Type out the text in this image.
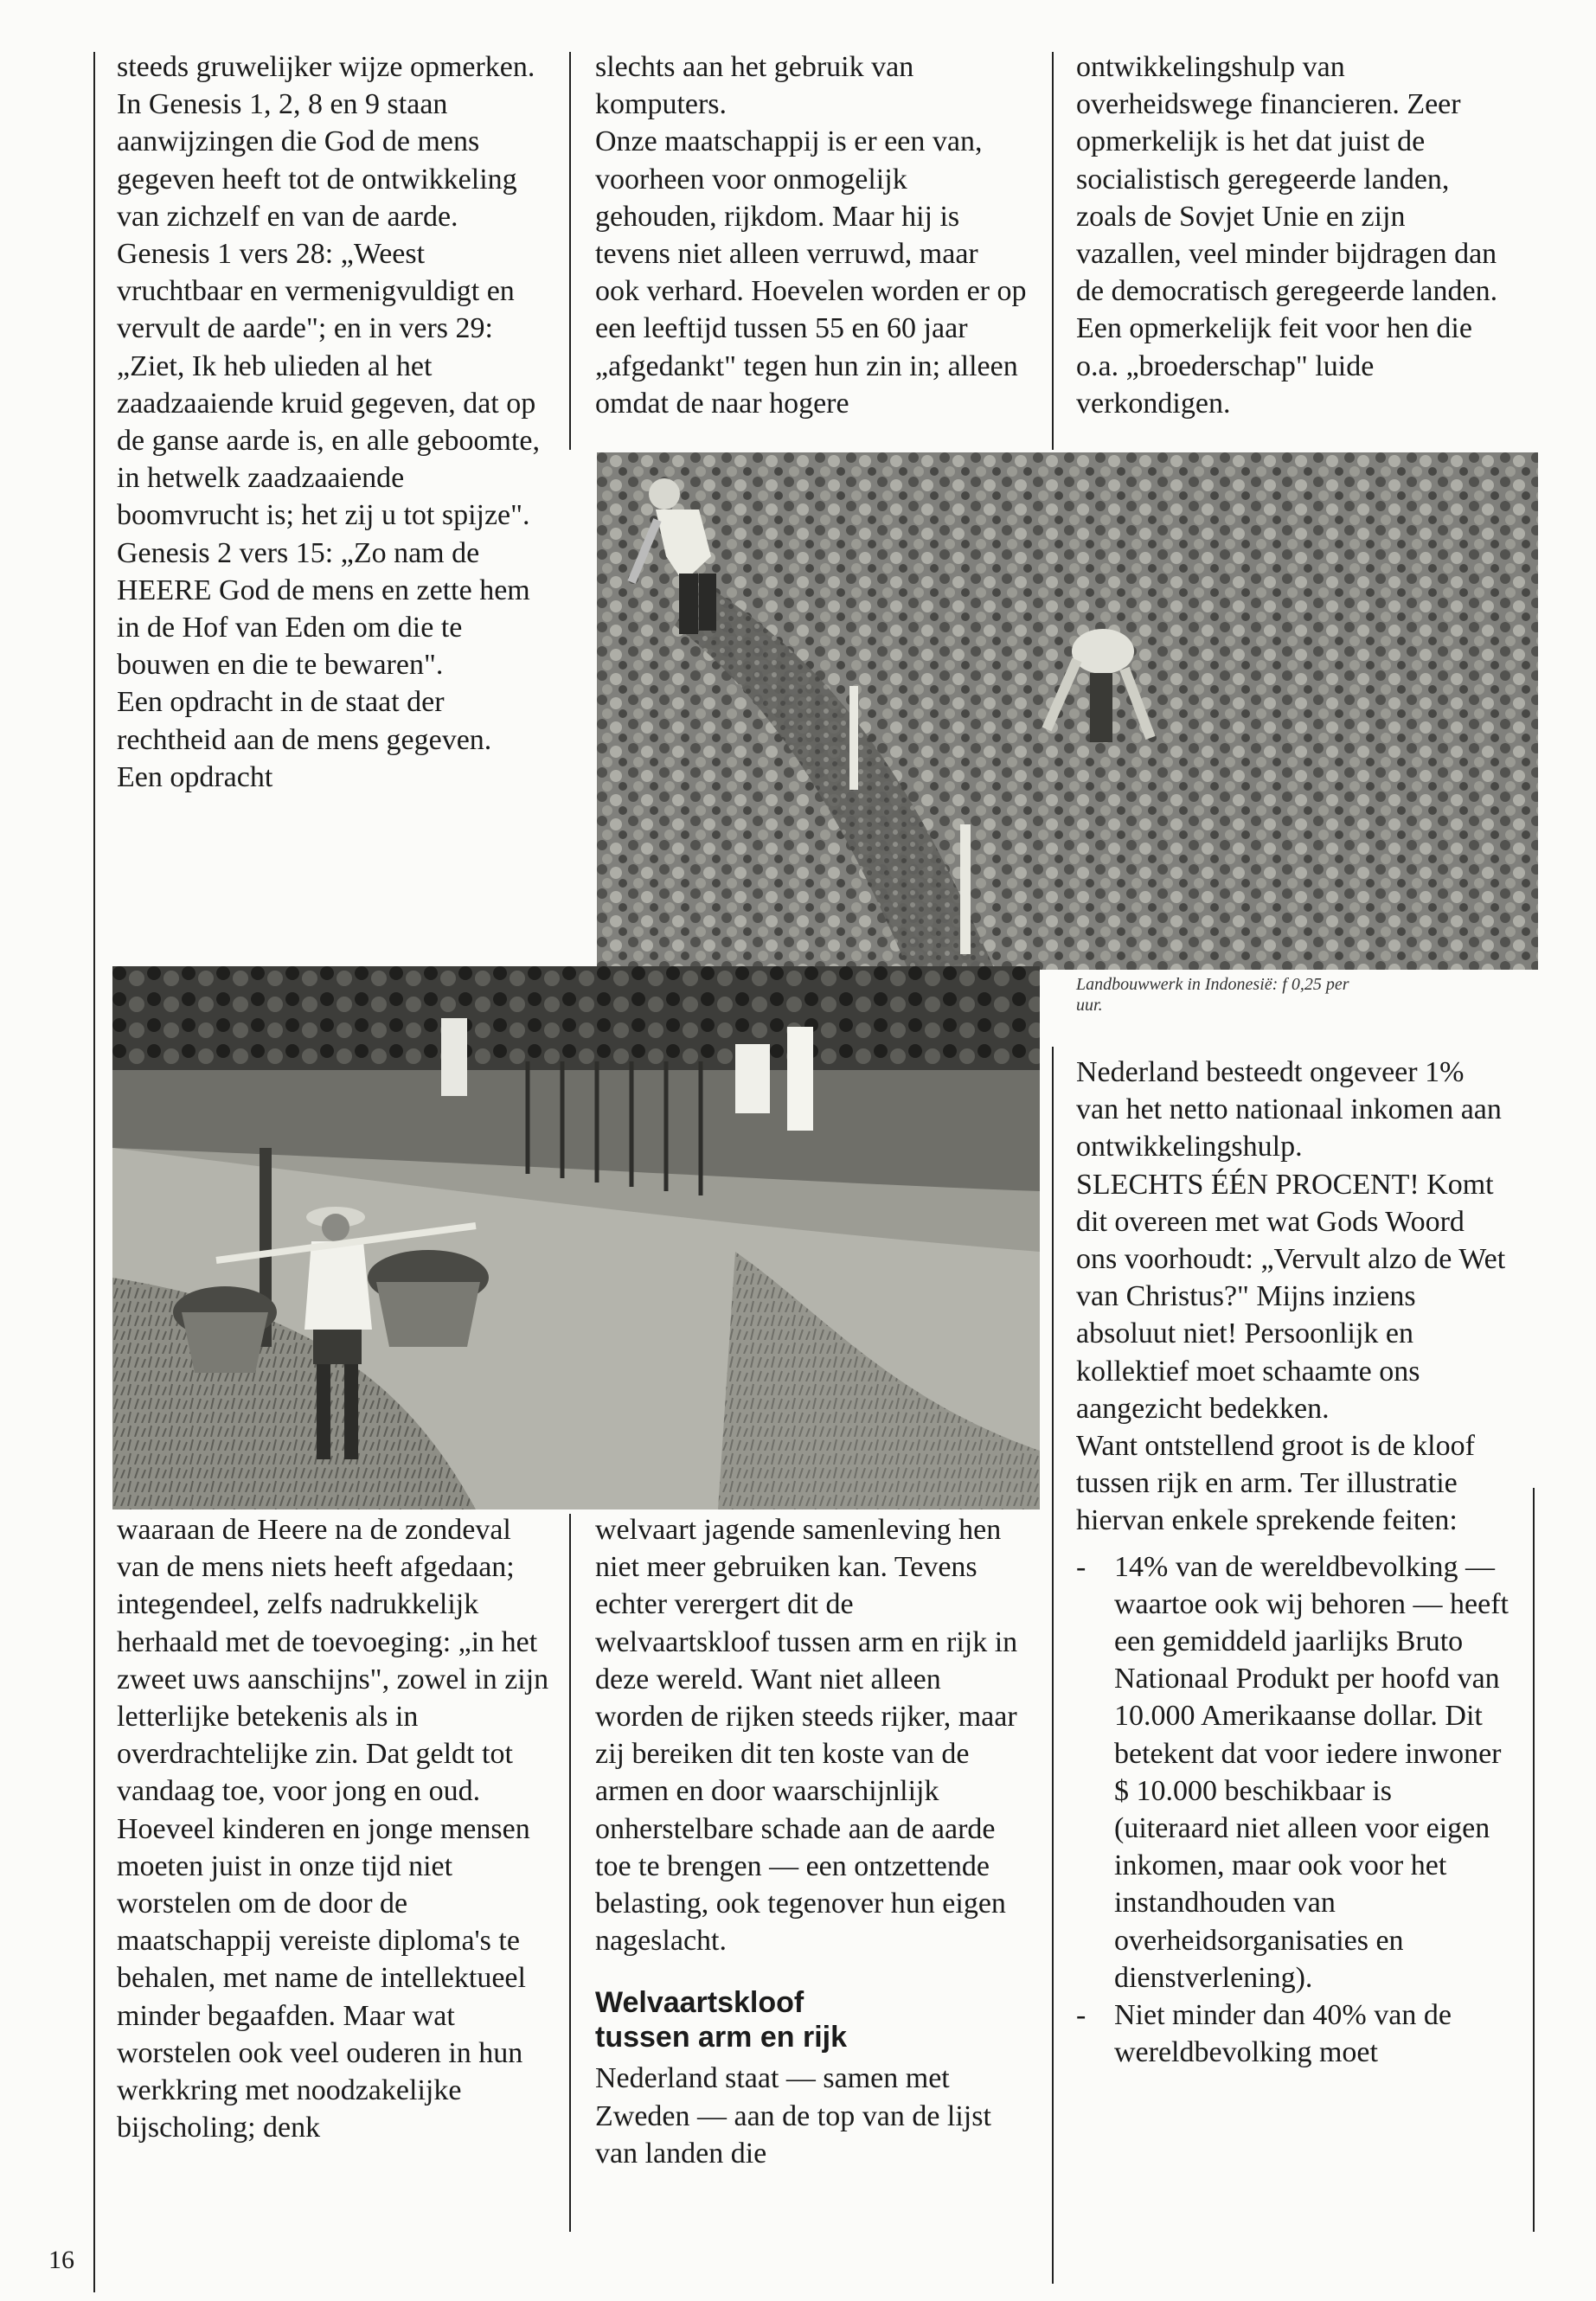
steeds gruwelijker wijze opmerken.

In Genesis 1, 2, 8 en 9 staan aanwijzingen die God de mens gegeven heeft tot de ontwikkeling van zichzelf en van de aarde.

Genesis 1 vers 28: „Weest vruchtbaar en vermenigvuldigt en vervult de aarde"; en in vers 29: „Ziet, Ik heb ulieden al het zaadzaaiende kruid gegeven, dat op de ganse aarde is, en alle geboomte, in hetwelk zaadzaaiende boomvrucht is; het zij u tot spijze".

Genesis 2 vers 15: „Zo nam de HEERE God de mens en zette hem in de Hof van Eden om die te bouwen en die te bewaren".

Een opdracht in de staat der rechtheid aan de mens gegeven. Een opdracht

slechts aan het gebruik van komputers.

Onze maatschappij is er een van, voorheen voor onmogelijk gehouden, rijkdom. Maar hij is tevens niet alleen verruwd, maar ook verhard. Hoevelen worden er op een leeftijd tussen 55 en 60 jaar „afgedankt" tegen hun zin in; alleen omdat de naar hogere

ontwikkelingshulp van overheidswege financieren. Zeer opmerkelijk is het dat juist de socialistisch geregeerde landen, zoals de Sovjet Unie en zijn vazallen, veel minder bijdragen dan de democratisch geregeerde landen. Een opmerkelijk feit voor hen die o.a. „broederschap" luide verkondigen.

Landbouwwerk in Indonesië: f 0,25 per uur.

waaraan de Heere na de zondeval van de mens niets heeft afgedaan; integendeel, zelfs nadrukkelijk herhaald met de toevoeging: „in het zweet uws aanschijns", zowel in zijn letterlijke betekenis als in overdrachtelijke zin. Dat geldt tot vandaag toe, voor jong en oud. Hoeveel kinderen en jonge mensen moeten juist in onze tijd niet worstelen om de door de maatschappij vereiste diploma's te behalen, met name de intellektueel minder begaafden. Maar wat worstelen ook veel ouderen in hun werkkring met noodzakelijke bijscholing; denk

welvaart jagende samenleving hen niet meer gebruiken kan. Tevens echter verergert dit de welvaartskloof tussen arm en rijk in deze wereld. Want niet alleen worden de rijken steeds rijker, maar zij bereiken dit ten koste van de armen en door waarschijnlijk onherstelbare schade aan de aarde toe te brengen — een ontzettende belasting, ook tegenover hun eigen nageslacht.

Welvaartskloof tussen arm en rijk

Nederland staat — samen met Zweden — aan de top van de lijst van landen die

Nederland besteedt ongeveer 1% van het netto nationaal inkomen aan ontwikkelingshulp.

SLECHTS ÉÉN PROCENT! Komt dit overeen met wat Gods Woord ons voorhoudt: „Vervult alzo de Wet van Christus?" Mijns inziens absoluut niet! Persoonlijk en kollektief moet schaamte ons aangezicht bedekken.

Want ontstellend groot is de kloof tussen rijk en arm. Ter illustratie hiervan enkele sprekende feiten:

- 14% van de wereldbevolking — waartoe ook wij behoren — heeft een gemiddeld jaarlijks Bruto Nationaal Produkt per hoofd van 10.000 Amerikaanse dollar. Dit betekent dat voor iedere inwoner $ 10.000 beschikbaar is (uiteraard niet alleen voor eigen inkomen, maar ook voor het instandhouden van overheidsorganisaties en dienstverlening).
- Niet minder dan 40% van de wereldbevolking moet
16
